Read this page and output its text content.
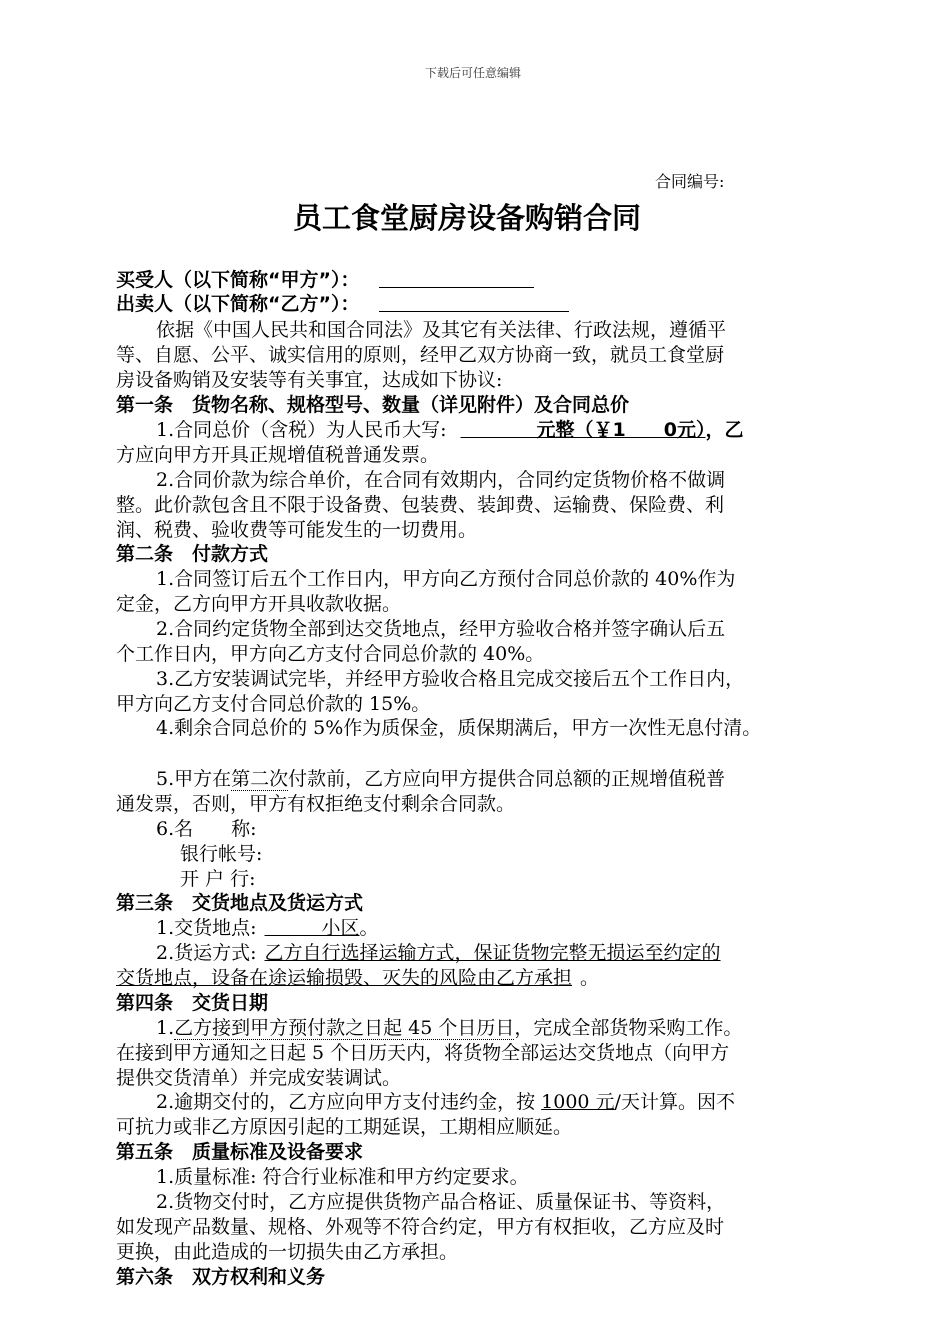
下载后可任意编辑
合同编号:
员工食堂厨房设备购销合同
买受人（以下简称“甲方”）：
出卖人（以下简称“乙方”）：
依据《中国人民共和国合同法》及其它有关法律、行政法规，遵循平
等、自愿、公平、诚实信用的原则，经甲乙双方协商一致，就员工食堂厨
房设备购销及安装等有关事宜，达成如下协议:
第一条　货物名称、规格型号、数量（详见附件）及合同总价
1.合同总价（含税）为人民币大写:　　　　	元整（￥1　　0元），乙
方应向甲方开具正规增值税普通发票。
2.合同价款为综合单价，在合同有效期内，合同约定货物价格不做调
整。此价款包含且不限于设备费、包装费、装卸费、运输费、保险费、利
润、税费、验收费等可能发生的一切费用。
第二条　付款方式
1.合同签订后五个工作日内，甲方向乙方预付合同总价款的 40%作为
定金，乙方向甲方开具收款收据。
2.合同约定货物全部到达交货地点，经甲方验收合格并签字确认后五
个工作日内，甲方向乙方支付合同总价款的 40%。
3.乙方安装调试完毕，并经甲方验收合格且完成交接后五个工作日内，
甲方向乙方支付合同总价款的 15%。
4.剩余合同总价的 5%作为质保金，质保期满后，甲方一次性无息付清。
5.甲方在第二次付款前，乙方应向甲方提供合同总额的正规增值税普
通发票，否则，甲方有权拒绝支付剩余合同款。
6.名　　称:
银行帐号:
开 户 行:
第三条　交货地点及货运方式
1.交货地点:　　　小区。
2.货运方式: 乙方自行选择运输方式，保证货物完整无损运至约定的
交货地点，设备在途运输损毁、灭失的风险由乙方承担 。
第四条　交货日期
1.乙方接到甲方预付款之日起 45 个日历日，完成全部货物采购工作。
在接到甲方通知之日起 5 个日历天内，将货物全部运达交货地点（向甲方
提供交货清单）并完成安装调试。
2.逾期交付的，乙方应向甲方支付违约金，按 1000 元/天计算。因不
可抗力或非乙方原因引起的工期延误，工期相应顺延。
第五条　质量标准及设备要求
1.质量标准: 符合行业标准和甲方约定要求。
2.货物交付时，乙方应提供货物产品合格证、质量保证书、等资料，
如发现产品数量、规格、外观等不符合约定，甲方有权拒收，乙方应及时
更换，由此造成的一切损失由乙方承担。
第六条　双方权利和义务
